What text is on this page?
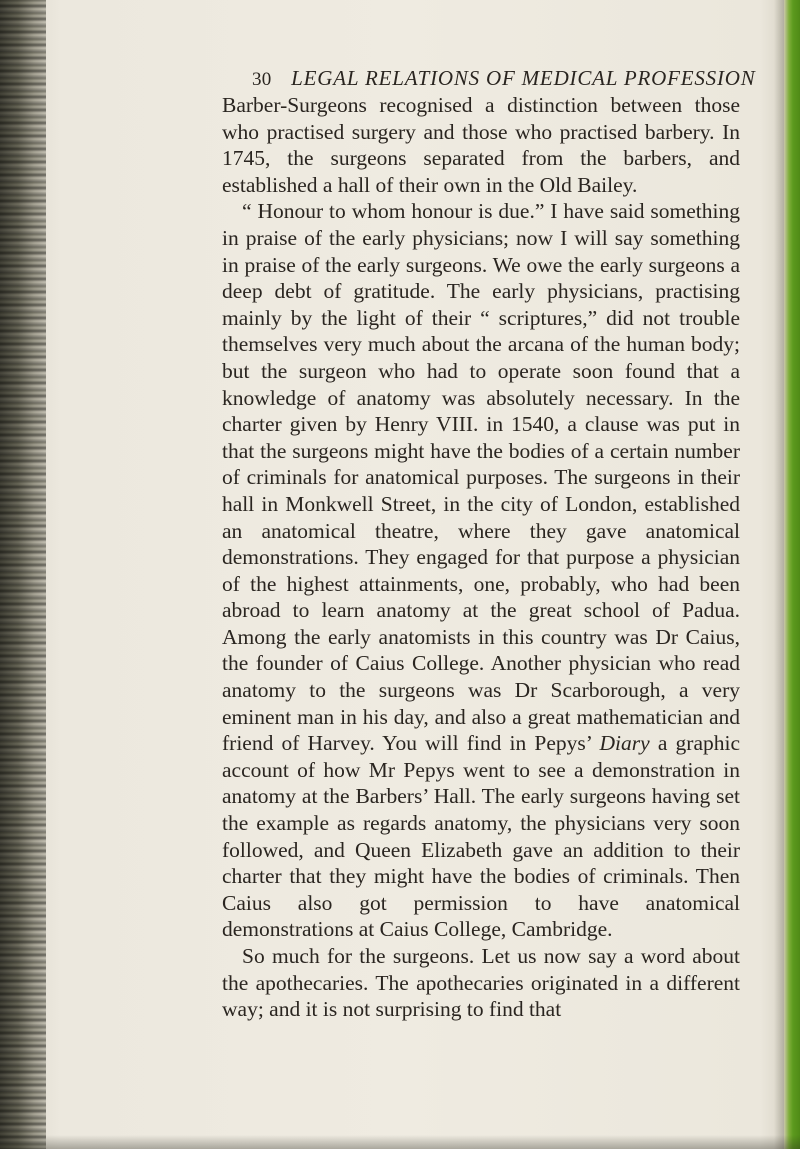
30 LEGAL RELATIONS OF MEDICAL PROFESSION

Barber-Surgeons recognised a distinction between those who practised surgery and those who practised barbery. In 1745, the surgeons separated from the barbers, and established a hall of their own in the Old Bailey.

“ Honour to whom honour is due.” I have said something in praise of the early physicians; now I will say something in praise of the early surgeons. We owe the early surgeons a deep debt of gratitude. The early physicians, practising mainly by the light of their “ scriptures,” did not trouble themselves very much about the arcana of the human body; but the surgeon who had to operate soon found that a knowledge of anatomy was absolutely necessary. In the charter given by Henry VIII. in 1540, a clause was put in that the surgeons might have the bodies of a certain number of criminals for anatomical purposes. The surgeons in their hall in Monkwell Street, in the city of London, established an anatomical theatre, where they gave anatomical demonstrations. They engaged for that purpose a physician of the highest attainments, one, probably, who had been abroad to learn anatomy at the great school of Padua. Among the early anatomists in this country was Dr Caius, the founder of Caius College. Another physician who read anatomy to the surgeons was Dr Scarborough, a very eminent man in his day, and also a great mathematician and friend of Harvey. You will find in Pepys’ Diary a graphic account of how Mr Pepys went to see a demonstration in anatomy at the Barbers’ Hall. The early surgeons having set the example as regards anatomy, the physicians very soon followed, and Queen Elizabeth gave an addition to their charter that they might have the bodies of criminals. Then Caius also got permission to have anatomical demonstrations at Caius College, Cambridge.

So much for the surgeons. Let us now say a word about the apothecaries. The apothecaries originated in a different way; and it is not surprising to find that
